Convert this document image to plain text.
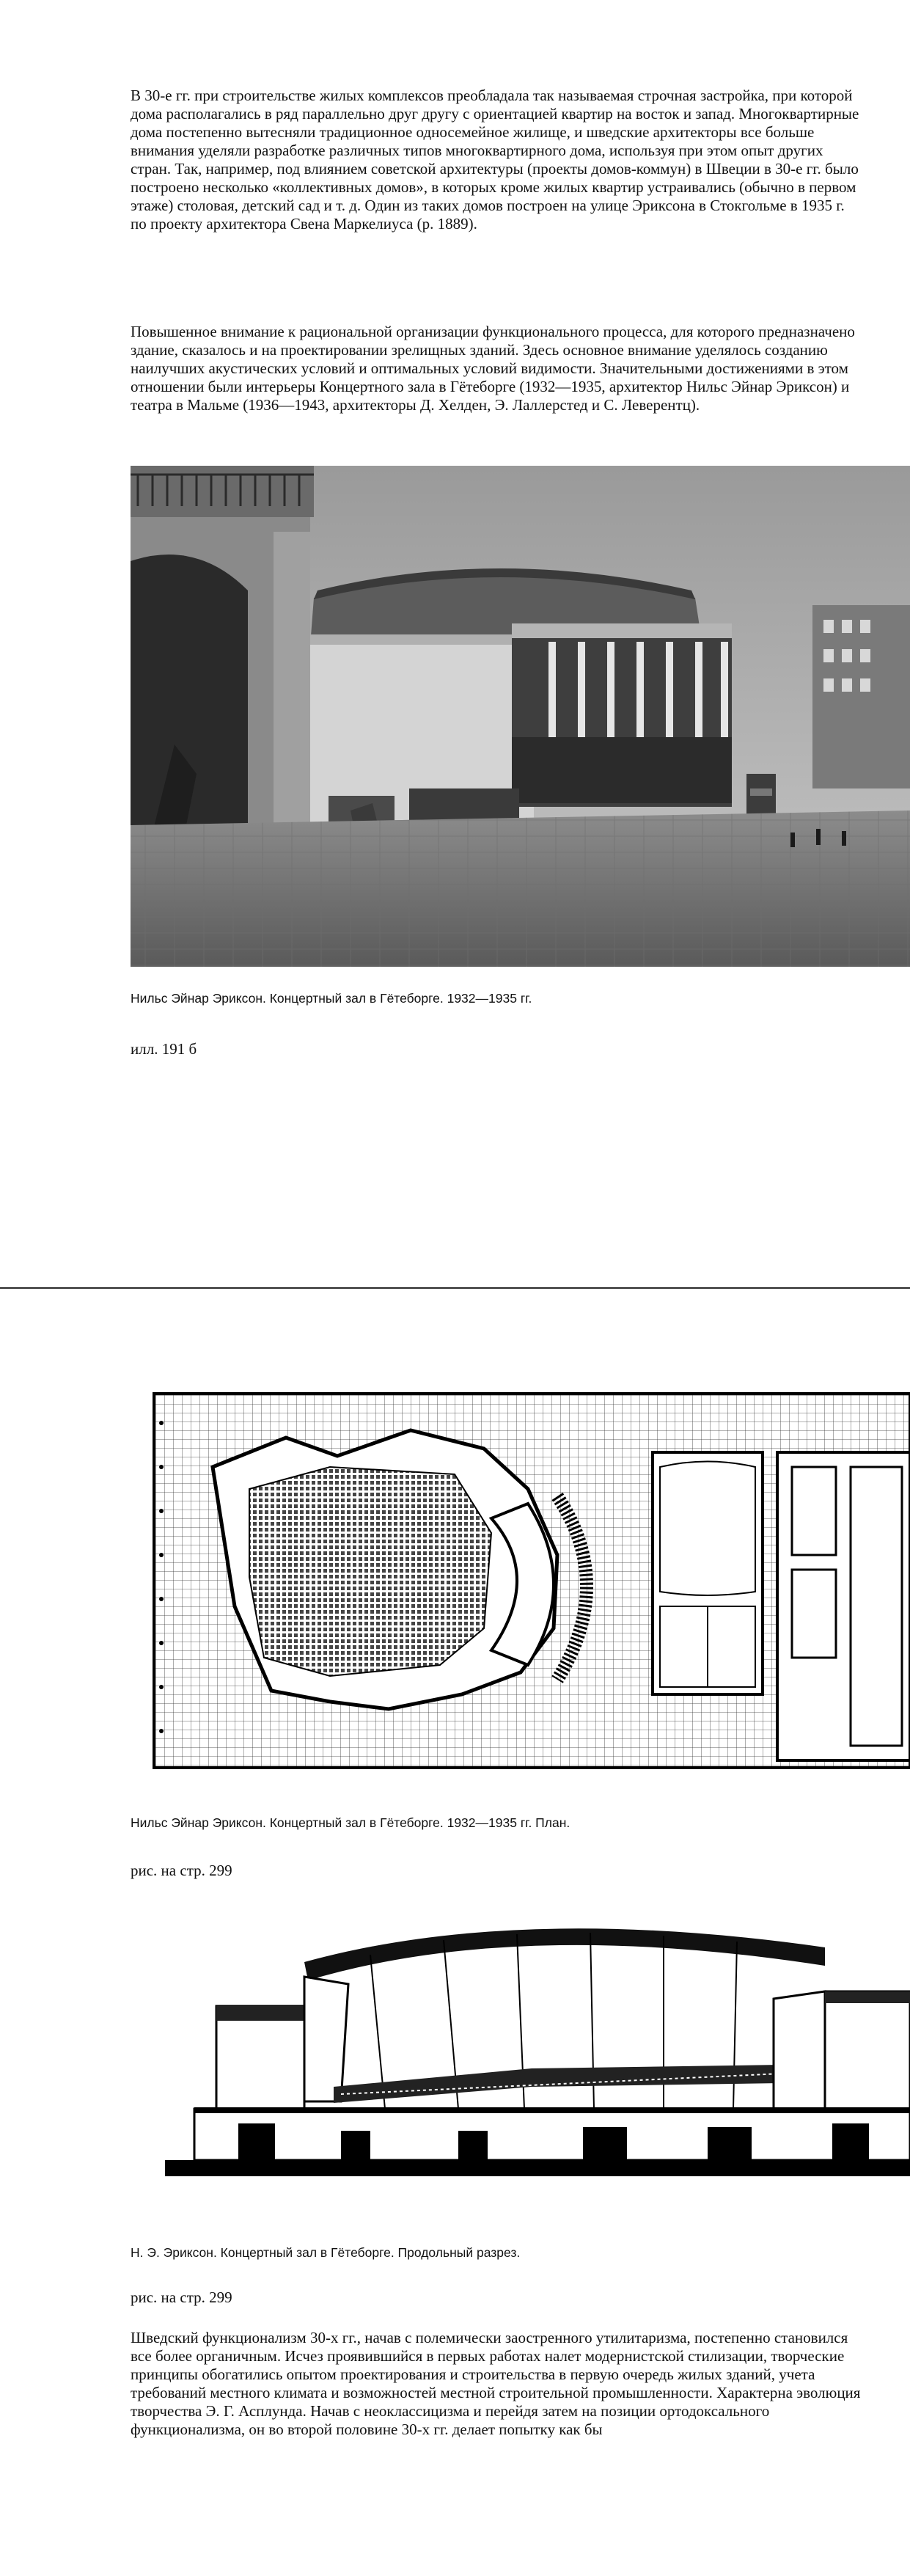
В 30-е гг. при строительстве жилых комплексов преобладала так называемая строчная застройка, при которой дома располагались в ряд параллельно друг другу с ориентацией квартир на восток и запад. Многоквартирные дома постепенно вытесняли традиционное односемейное жилище, и шведские архитекторы все больше внимания уделяли разработке различных типов многоквартирного дома, используя при этом опыт других стран. Так, например, под влиянием советской архитектуры (проекты домов-коммун) в Швеции в 30-е гг. было построено несколько «коллективных домов», в которых кроме жилых квартир устраивались (обычно в первом этаже) столовая, детский сад и т. д. Один из таких домов построен на улице Эриксона в Стокгольме в 1935 г. по проекту архитектора Свена Маркелиуса (р. 1889).

Повышенное внимание к рациональной организации функционального процесса, для которого предназначено здание, сказалось и на проектировании зрелищных зданий. Здесь основное внимание уделялось созданию наилучших акустических условий и оптимальных условий видимости. Значительными достижениями в этом отношении были интерьеры Концертного зала в Гётеборге (1932—1935, архитектор Нильс Эйнар Эриксон) и театра в Мальме (1936—1943, архитекторы Д. Хелден, Э. Лаллерстед и С. Леверентц).

Нильс Эйнар Эриксон. Концертный зал в Гётеборге. 1932—1935 гг.

илл. 191 б

Нильс Эйнар Эриксон. Концертный зал в Гётеборге. 1932—1935 гг. План.

рис. на стр. 299

Н. Э. Эриксон. Концертный зал в Гётеборге. Продольный разрез.

рис. на стр. 299

Шведский функционализм 30-х гг., начав с полемически заостренного утилитаризма, постепенно становился все более органичным. Исчез проявившийся в первых работах налет модернистской стилизации, творческие принципы обогатились опытом проектирования и строительства в первую очередь жилых зданий, учета требований местного климата и возможностей местной строительной промышленности. Характерна эволюция творчества Э. Г. Асплунда. Начав с неоклассицизма и перейдя затем на позиции ортодоксального функционализма, он во второй половине 30-х гг. делает попытку как бы
